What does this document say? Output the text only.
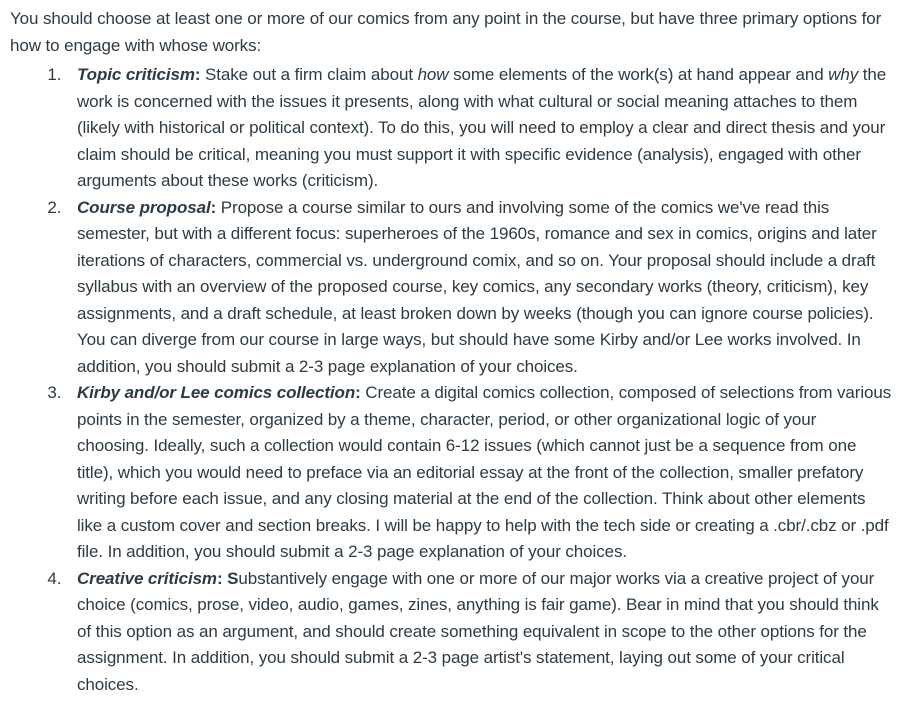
You should choose at least one or more of our comics from any point in the course, but have three primary options for how to engage with whose works:

1. Topic criticism: Stake out a firm claim about how some elements of the work(s) at hand appear and why the work is concerned with the issues it presents, along with what cultural or social meaning attaches to them (likely with historical or political context). To do this, you will need to employ a clear and direct thesis and your claim should be critical, meaning you must support it with specific evidence (analysis), engaged with other arguments about these works (criticism).
2. Course proposal: Propose a course similar to ours and involving some of the comics we've read this semester, but with a different focus: superheroes of the 1960s, romance and sex in comics, origins and later iterations of characters, commercial vs. underground comix, and so on. Your proposal should include a draft syllabus with an overview of the proposed course, key comics, any secondary works (theory, criticism), key assignments, and a draft schedule, at least broken down by weeks (though you can ignore course policies). You can diverge from our course in large ways, but should have some Kirby and/or Lee works involved. In addition, you should submit a 2-3 page explanation of your choices.
3. Kirby and/or Lee comics collection: Create a digital comics collection, composed of selections from various points in the semester, organized by a theme, character, period, or other organizational logic of your choosing. Ideally, such a collection would contain 6-12 issues (which cannot just be a sequence from one title), which you would need to preface via an editorial essay at the front of the collection, smaller prefatory writing before each issue, and any closing material at the end of the collection. Think about other elements like a custom cover and section breaks. I will be happy to help with the tech side or creating a .cbr/.cbz or .pdf file. In addition, you should submit a 2-3 page explanation of your choices.
4. Creative criticism: Substantively engage with one or more of our major works via a creative project of your choice (comics, prose, video, audio, games, zines, anything is fair game). Bear in mind that you should think of this option as an argument, and should create something equivalent in scope to the other options for the assignment. In addition, you should submit a 2-3 page artist's statement, laying out some of your critical choices.
